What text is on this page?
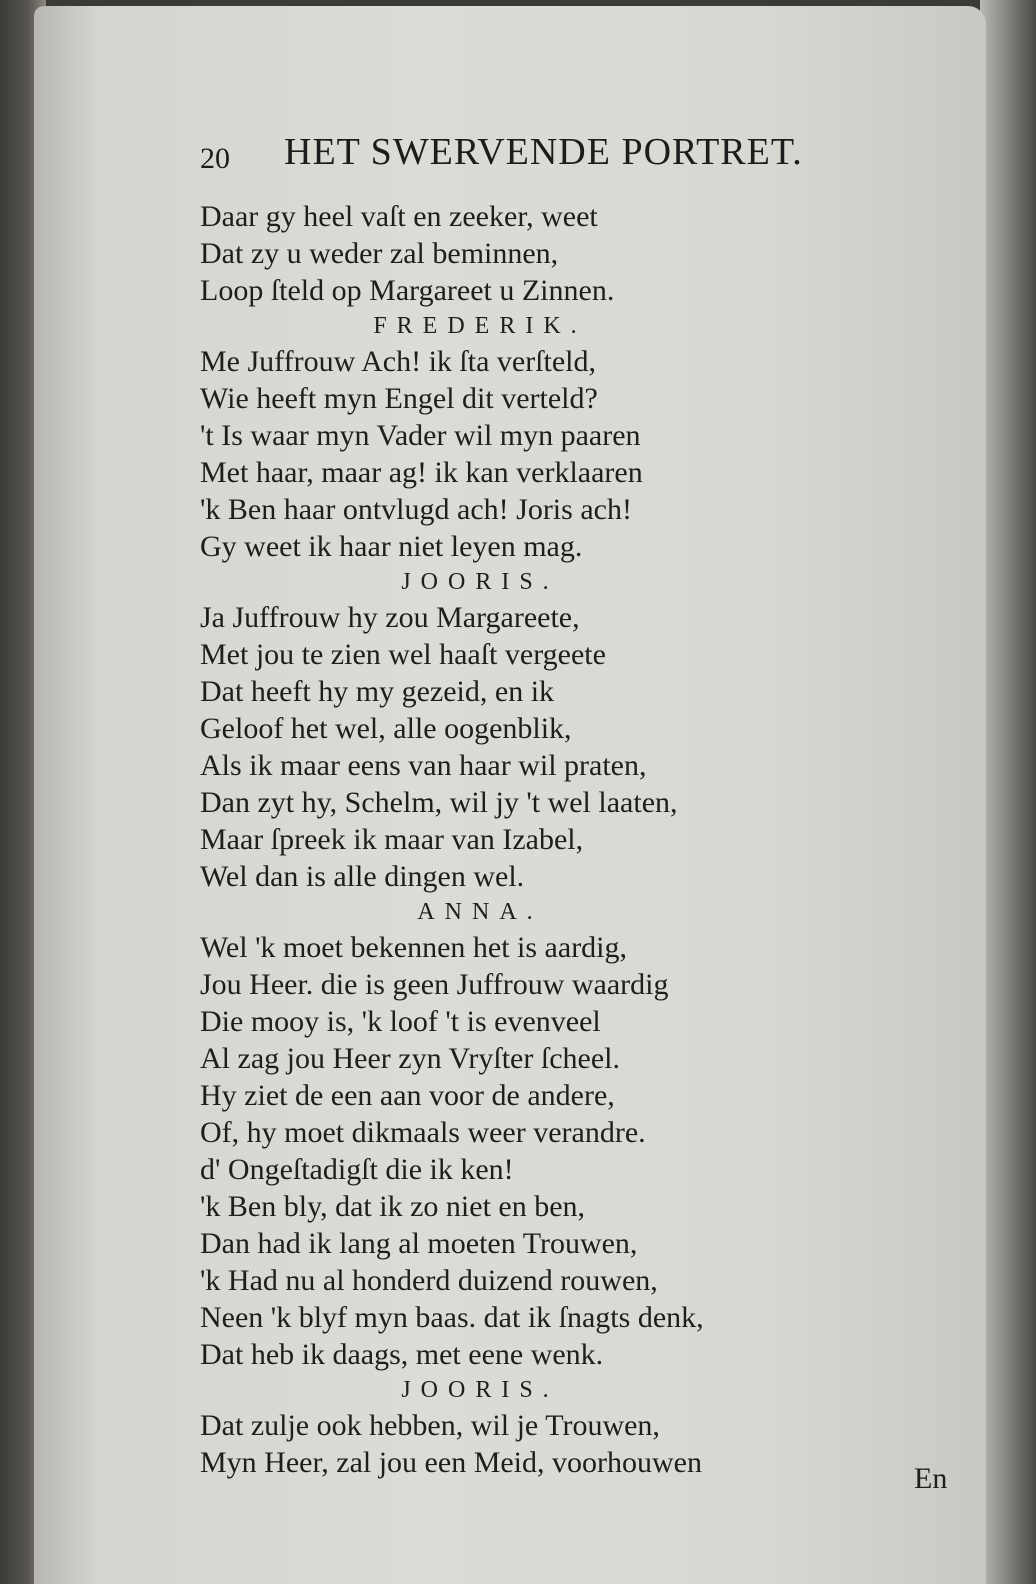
20 HET SWERVENDE PORTRET.
Daar gy heel vaſt en zeeker, weet
Dat zy u weder zal beminnen,
Loop ſteld op Margareet u Zinnen.
FREDERIK.
Me Juffrouw Ach! ik ſta verſteld,
Wie heeft myn Engel dit verteld?
't Is waar myn Vader wil myn paaren
Met haar, maar ag! ik kan verklaaren
'k Ben haar ontvlugd ach! Joris ach!
Gy weet ik haar niet leyen mag.
JOORIS.
Ja Juffrouw hy zou Margareete,
Met jou te zien wel haaſt vergeete
Dat heeft hy my gezeid, en ik
Geloof het wel, alle oogenblik,
Als ik maar eens van haar wil praten,
Dan zyt hy, Schelm, wil jy 't wel laaten,
Maar ſpreek ik maar van Izabel,
Wel dan is alle dingen wel.
ANNA.
Wel 'k moet bekennen het is aardig,
Jou Heer. die is geen Juffrouw waardig
Die mooy is, 'k loof 't is evenveel
Al zag jou Heer zyn Vryſter ſcheel.
Hy ziet de een aan voor de andere,
Of, hy moet dikmaals weer verandre.
d' Ongeſtadigſt die ik ken!
'k Ben bly, dat ik zo niet en ben,
Dan had ik lang al moeten Trouwen,
'k Had nu al honderd duizend rouwen,
Neen 'k blyf myn baas. dat ik ſnagts denk,
Dat heb ik daags, met eene wenk.
JOORIS.
Dat zulje ook hebben, wil je Trouwen,
Myn Heer, zal jou een Meid, voorhouwen	En
